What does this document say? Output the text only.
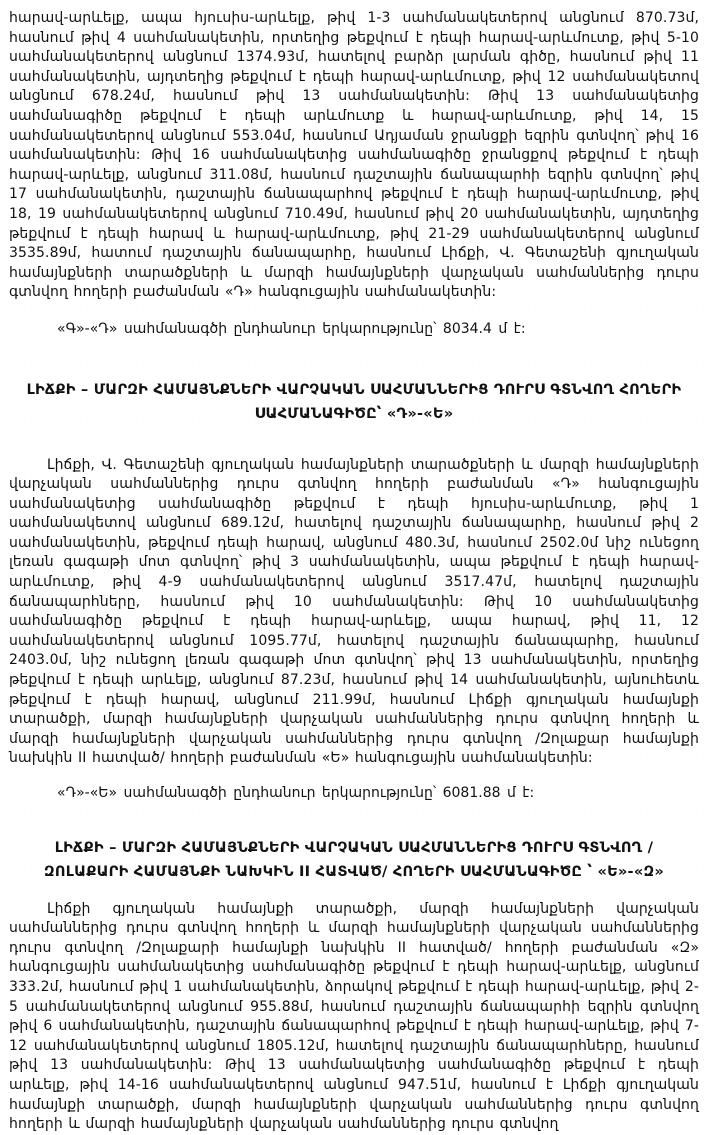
հարավ-արևելք, ապա հյուսիս-արևելք, թիվ 1-3 սահմանակետերով անցնում 870.73մ, հասնում թիվ 4 սահմանակետին, որտեղից թեքվում է դեպի հարավ-արևմուտք, թիվ 5-10 սահմանակետերով անցնում 1374.93մ, հատելով բարձր լարման գիծը, հասնում թիվ 11 սահմանակետին, այդտեղից թեքվում է դեպի հարավ-արևմուտք, թիվ 12 սահմանակետով անցնում 678.24մ, հասնում թիվ 13 սահմանակետին: Թիվ 13 սահմանակետից սահմանագիծը թեքվում է դեպի արևմուտք և հարավ-արևմուտք, թիվ 14, 15 սահմանակետերով անցնում 553.04մ, հասնում Ադյաման ջրանցքի եզրին գտնվող՝ թիվ 16 սահմանակետին: Թիվ 16 սահմանակետից սահմանագիծը ջրանցքով թեքվում է դեպի հարավ-արևելք, անցնում 311.08մ, հասնում դաշտային ճանապարհի եզրին գտնվող՝ թիվ 17 սահմանակետին, դաշտային ճանապարհով թեքվում է դեպի հարավ-արևմուտք, թիվ 18, 19 սահմանակետերով անցնում 710.49մ, հասնում թիվ 20 սահմանակետին, այդտեղից թեքվում է դեպի հարավ և հարավ-արևմուտք, թիվ 21-29 սահմանակետերով անցնում 3535.89մ, հատում դաշտային ճանապարհը, հասնում Լիճքի, Վ. Գետաշենի գյուղական համայնքների տարածքների և մարզի համայնքների վարչական սահմաններից դուրս գտնվող հողերի բաժանման «Դ» հանգուցային սահմանակետին:
«Գ»-«Դ» սահմանագծի ընդհանուր երկարությունը՝ 8034.4 մ է:
ԼԻՃՔԻ – ՄԱՐԶԻ ՀԱՄԱՅՆՔՆԵՐԻ ՎԱՐՉԱԿԱՆ ՍԱՀՄԱՆՆԵՐԻՑ ԴՈՒՐՍ ԳՏՆՎՈՂ ՀՈՂԵՐԻ ՍԱՀՄԱՆԱԳԻԾԸ՝ «Դ»-«Ե»
Լիճքի, Վ. Գետաշենի գյուղական համայնքների տարածքների և մարզի համայնքների վարչական սահմաններից դուրս գտնվող հողերի բաժանման «Դ» հանգուցային սահմանակետից սահմանագիծը թեքվում է դեպի հյուսիս-արևմուտք, թիվ 1 սահմանակետով անցնում 689.12մ, հատելով դաշտային ճանապարհը, հասնում թիվ 2 սահմանակետին, թեքվում դեպի հարավ, անցնում 480.3մ, հասնում 2502.0մ նիշ ունեցող լեռան գագաթի մոտ գտնվող՝ թիվ 3 սահմանակետին, ապա թեքվում է դեպի հարավ-արևմուտք, թիվ 4-9 սահմանակետերով անցնում 3517.47մ, հատելով դաշտային ճանապարհները, հասնում թիվ 10 սահմանակետին: Թիվ 10 սահմանակետից սահմանագիծը թեքվում է դեպի հարավ-արևելք, ապա հարավ, թիվ 11, 12 սահմանակետերով անցնում 1095.77մ, հատելով դաշտային ճանապարհը, հասնում 2403.0մ, նիշ ունեցող լեռան գագաթի մոտ գտնվող՝ թիվ 13 սահմանակետին, որտեղից թեքվում է դեպի արևելք, անցնում 87.23մ, հասնում թիվ 14 սահմանակետին, այնուհետև թեքվում է դեպի հարավ, անցնում 211.99մ, հասնում Լիճքի գյուղական համայնքի տարածքի, մարզի համայնքների վարչական սահմաններից դուրս գտնվող հողերի և մարզի համայնքների վարչական սահմաններից դուրս գտնվող /Զոլաքար համայնքի նախկին II հատված/ հողերի բաժանման «Ե» հանգուցային սահմանակետին:
«Դ»-«Ե» սահմանագծի ընդհանուր երկարությունը՝ 6081.88 մ է:
ԼԻՃՔԻ – ՄԱՐԶԻ ՀԱՄԱՅՆՔՆԵՐԻ ՎԱՐՉԱԿԱՆ ՍԱՀՄԱՆՆԵՐԻՑ ԴՈՒՐՍ ԳՏՆՎՈՂ /ԶՈԼԱՔԱՐԻ ՀԱՄԱՅՆՔԻ ՆԱԽԿԻՆ II ՀԱՏՎԱԾ/ ՀՈՂԵՐԻ ՍԱՀՄԱՆԱԳԻԾԸ ՝ «Ե»-«Զ»
Լիճքի գյուղական համայնքի տարածքի, մարզի համայնքների վարչական սահմաններից դուրս գտնվող հողերի և մարզի համայնքների վարչական սահմաններից դուրս գտնվող /Զոլաքարի համայնքի նախկին II հատված/ հողերի բաժանման «Զ» հանգուցային սահմանակետից սահմանագիծը թեքվում է դեպի հարավ-արևելք, անցնում 333.2մ, հասնում թիվ 1 սահմանակետին, ձորակով թեքվում է դեպի հարավ-արևելք, թիվ 2-5 սահմանակետերով անցնում 955.88մ, հասնում դաշտային ճանապարհի եզրին գտնվող թիվ 6 սահմանակետին, դաշտային ճանապարհով թեքվում է դեպի հարավ-արևելք, թիվ 7-12 սահմանակետերով անցնում 1805.12մ, հատելով դաշտային ճանապարհները, հասնում թիվ 13 սահմանակետին: Թիվ 13 սահմանակետից սահմանագիծը թեքվում է դեպի արևելք, թիվ 14-16 սահմանակետերով անցնում 947.51մ, հասնում է Լիճքի գյուղական համայնքի տարածքի, մարզի համայնքների վարչական սահմաններից դուրս գտնվող հողերի և մարզի համայնքների վարչական սահմաններից դուրս գտնվող
